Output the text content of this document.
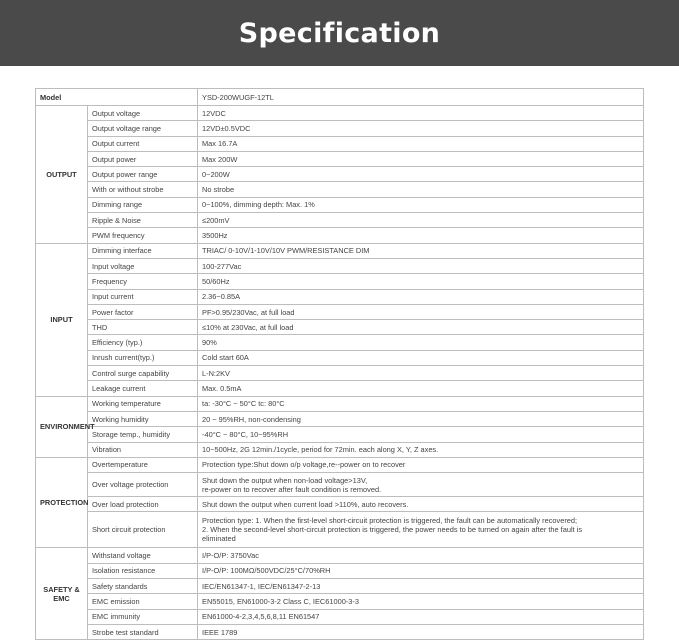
Specification
Model		YSD-200WUGF-12TL
OUTPUT	Output voltage	12VDC
	Output voltage range	12VD±0.5VDC
	Output current	Max 16.7A
	Output power	Max 200W
	Output power range	0~200W
	With or without strobe	No strobe
	Dimming range	0~100%, dimming depth: Max. 1%
	Ripple & Noise	≤200mV
	PWM frequency	3500Hz
INPUT	Dimming interface	TRIAC/ 0-10V/1-10V/10V PWM/RESISTANCE DIM
	Input voltage	100-277Vac
	Frequency	50/60Hz
	Input current	2.36~0.85A
	Power factor	PF>0.95/230Vac, at full load
	THD	≤10% at 230Vac, at full load
	Efficiency (typ.)	90%
	Inrush current(typ.)	Cold start 60A
	Control surge capability	L-N:2KV
	Leakage current	Max. 0.5mA
ENVIRONMENT	Working temperature	ta: -30°C ~ 50°C tc: 80°C
	Working humidity	20 ~ 95%RH, non-condensing
	Storage temp., humidity	-40°C ~ 80°C, 10~95%RH
	Vibration	10~500Hz, 2G 12min./1cycle, period for 72min. each along X, Y, Z axes.
PROTECTION	Overtemperature	Protection type:Shut down o/p voltage,re--power on to recover
	Over voltage protection	Shut down the output when non-load voltage>13V,
re-power on to recover after fault condition is removed.
	Over load protection	Shut down the output when current load >110%, auto recovers.
	Short circuit protection	Protection type: 1. When the first-level short-circuit protection is triggered, the fault can be automatically recovered;
2. When the second-level short-circuit protection is triggered, the power needs to be turned on again after the fault is
eliminated
SAFETY &
EMC	Withstand voltage	I/P-O/P: 3750Vac
	Isolation resistance	I/P-O/P: 100MΩ/500VDC/25°C/70%RH
	Safety standards	IEC/EN61347-1, IEC/EN61347-2-13
	EMC emission	EN55015, EN61000-3-2 Class C, IEC61000-3-3
	EMC immunity	EN61000-4-2,3,4,5,6,8,11 EN61547
	Strobe test standard	IEEE 1789
